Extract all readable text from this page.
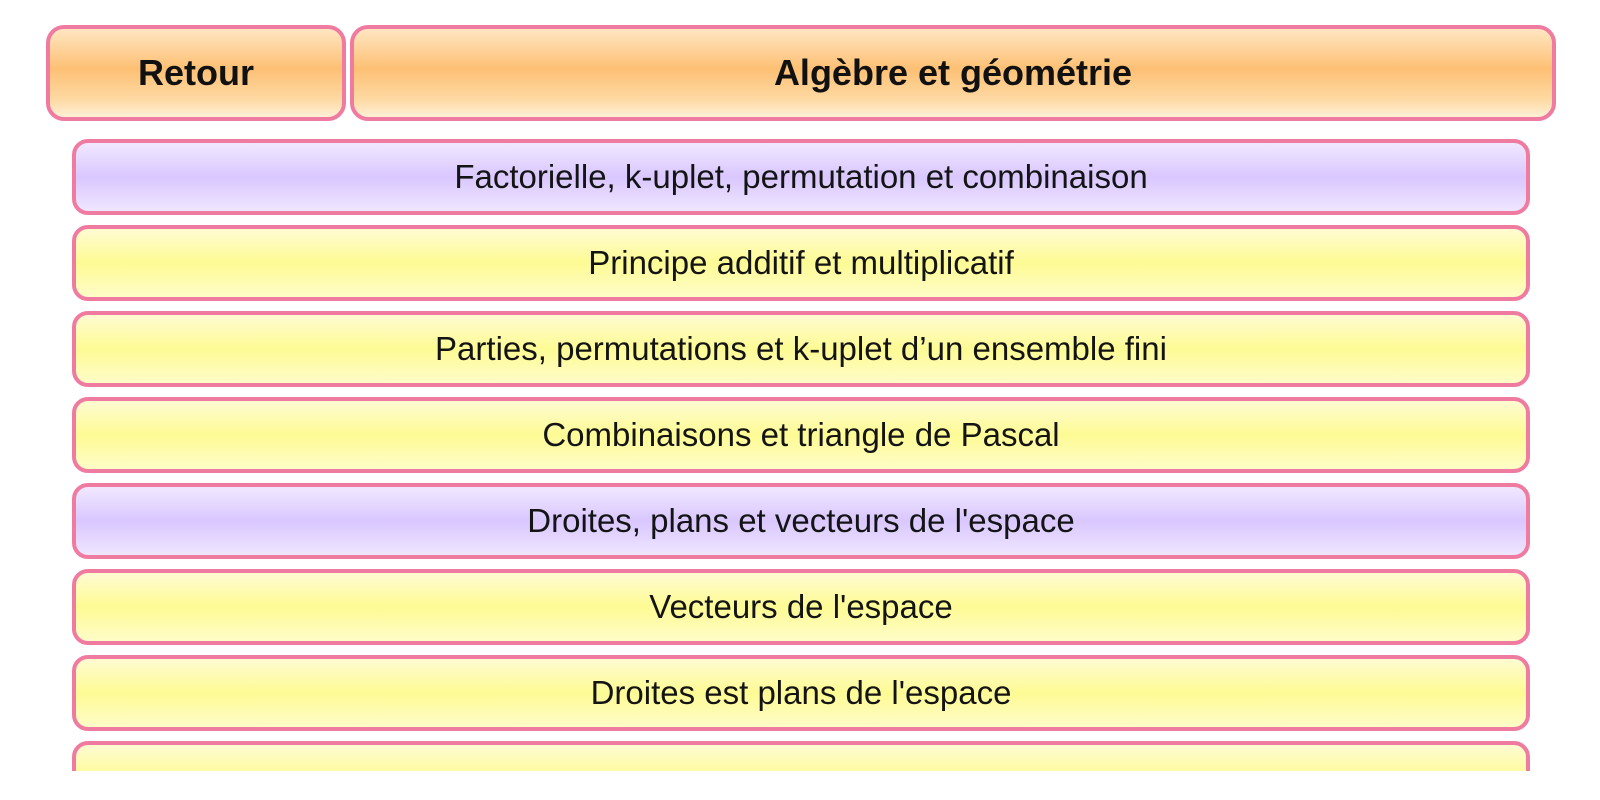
Retour	Algèbre et géométrie
Factorielle, k-uplet, permutation et combinaison
Principe additif et multiplicatif
Parties, permutations et k-uplet d’un ensemble fini
Combinaisons et triangle de Pascal
Droites, plans et vecteurs de l'espace
Vecteurs de l'espace
Droites est plans de l'espace
